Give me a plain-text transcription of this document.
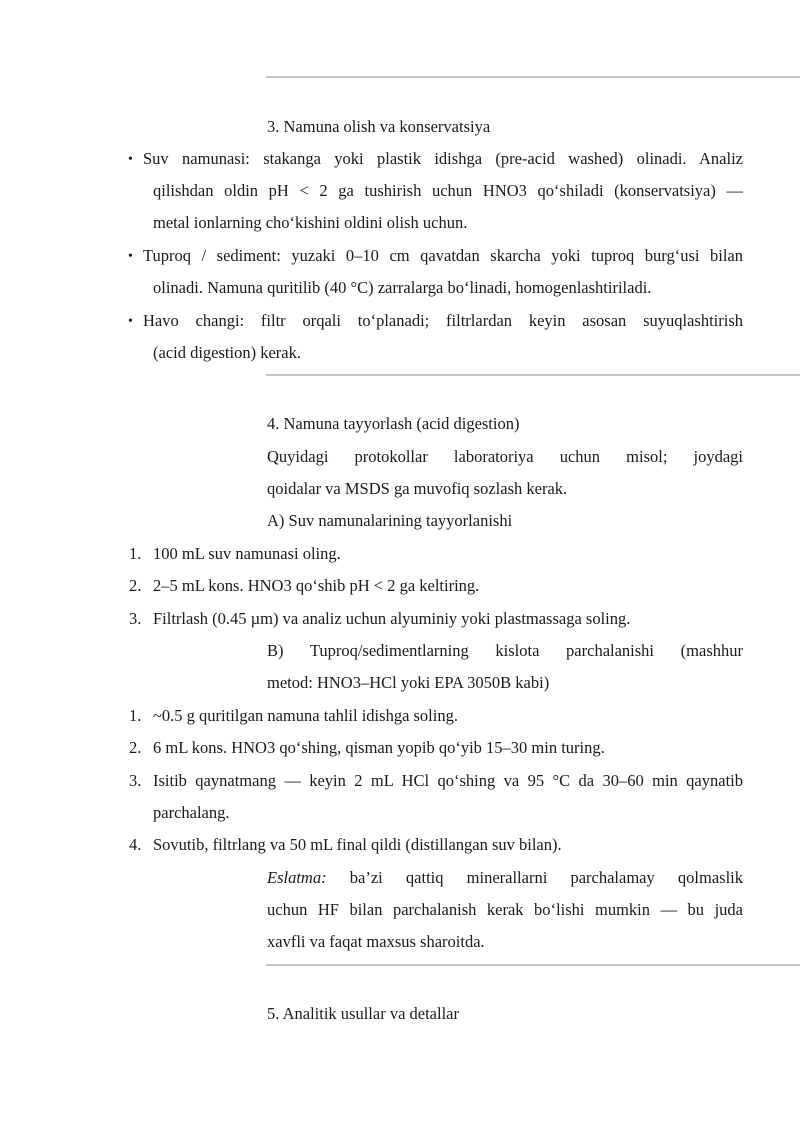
3. Namuna olish va konservatsiya
• Suv namunasi: stakanga yoki plastik idishga (pre-acid washed) olinadi. Analiz
qilishdan oldin pH < 2 ga tushirish uchun HNO3 qo‘shiladi (konservatsiya) —
metal ionlarning cho‘kishini oldini olish uchun.
• Tuproq / sediment: yuzaki 0–10 cm qavatdan skarcha yoki tuproq burg‘usi bilan
olinadi. Namuna quritilib (40 °C) zarralarga bo‘linadi, homogenlashtiriladi.
• Havo changi: filtr orqali to‘planadi; filtrlardan keyin asosan suyuqlashtirish
(acid digestion) kerak.
4. Namuna tayyorlash (acid digestion)
Quyidagi protokollar laboratoriya uchun misol; joydagi
qoidalar va MSDS ga muvofiq sozlash kerak.
A) Suv namunalarining tayyorlanishi
1. 100 mL suv namunasi oling.
2. 2–5 mL kons. HNO3 qo‘shib pH < 2 ga keltiring.
3. Filtrlash (0.45 µm) va analiz uchun alyuminiy yoki plastmassaga soling.
B) Tuproq/sedimentlarning kislota parchalanishi (mashhur
metod: HNO3–HCl yoki EPA 3050B kabi)
1. ~0.5 g quritilgan namuna tahlil idishga soling.
2. 6 mL kons. HNO3 qo‘shing, qisman yopib qo‘yib 15–30 min turing.
3. Isitib qaynatmang — keyin 2 mL HCl qo‘shing va 95 °C da 30–60 min qaynatib
parchalang.
4. Sovutib, filtrlang va 50 mL final qildi (distillangan suv bilan).
Eslatma: ba’zi qattiq minerallarni parchalamay qolmaslik
uchun HF bilan parchalanish kerak bo‘lishi mumkin — bu juda
xavfli va faqat maxsus sharoitda.
5. Analitik usullar va detallar
